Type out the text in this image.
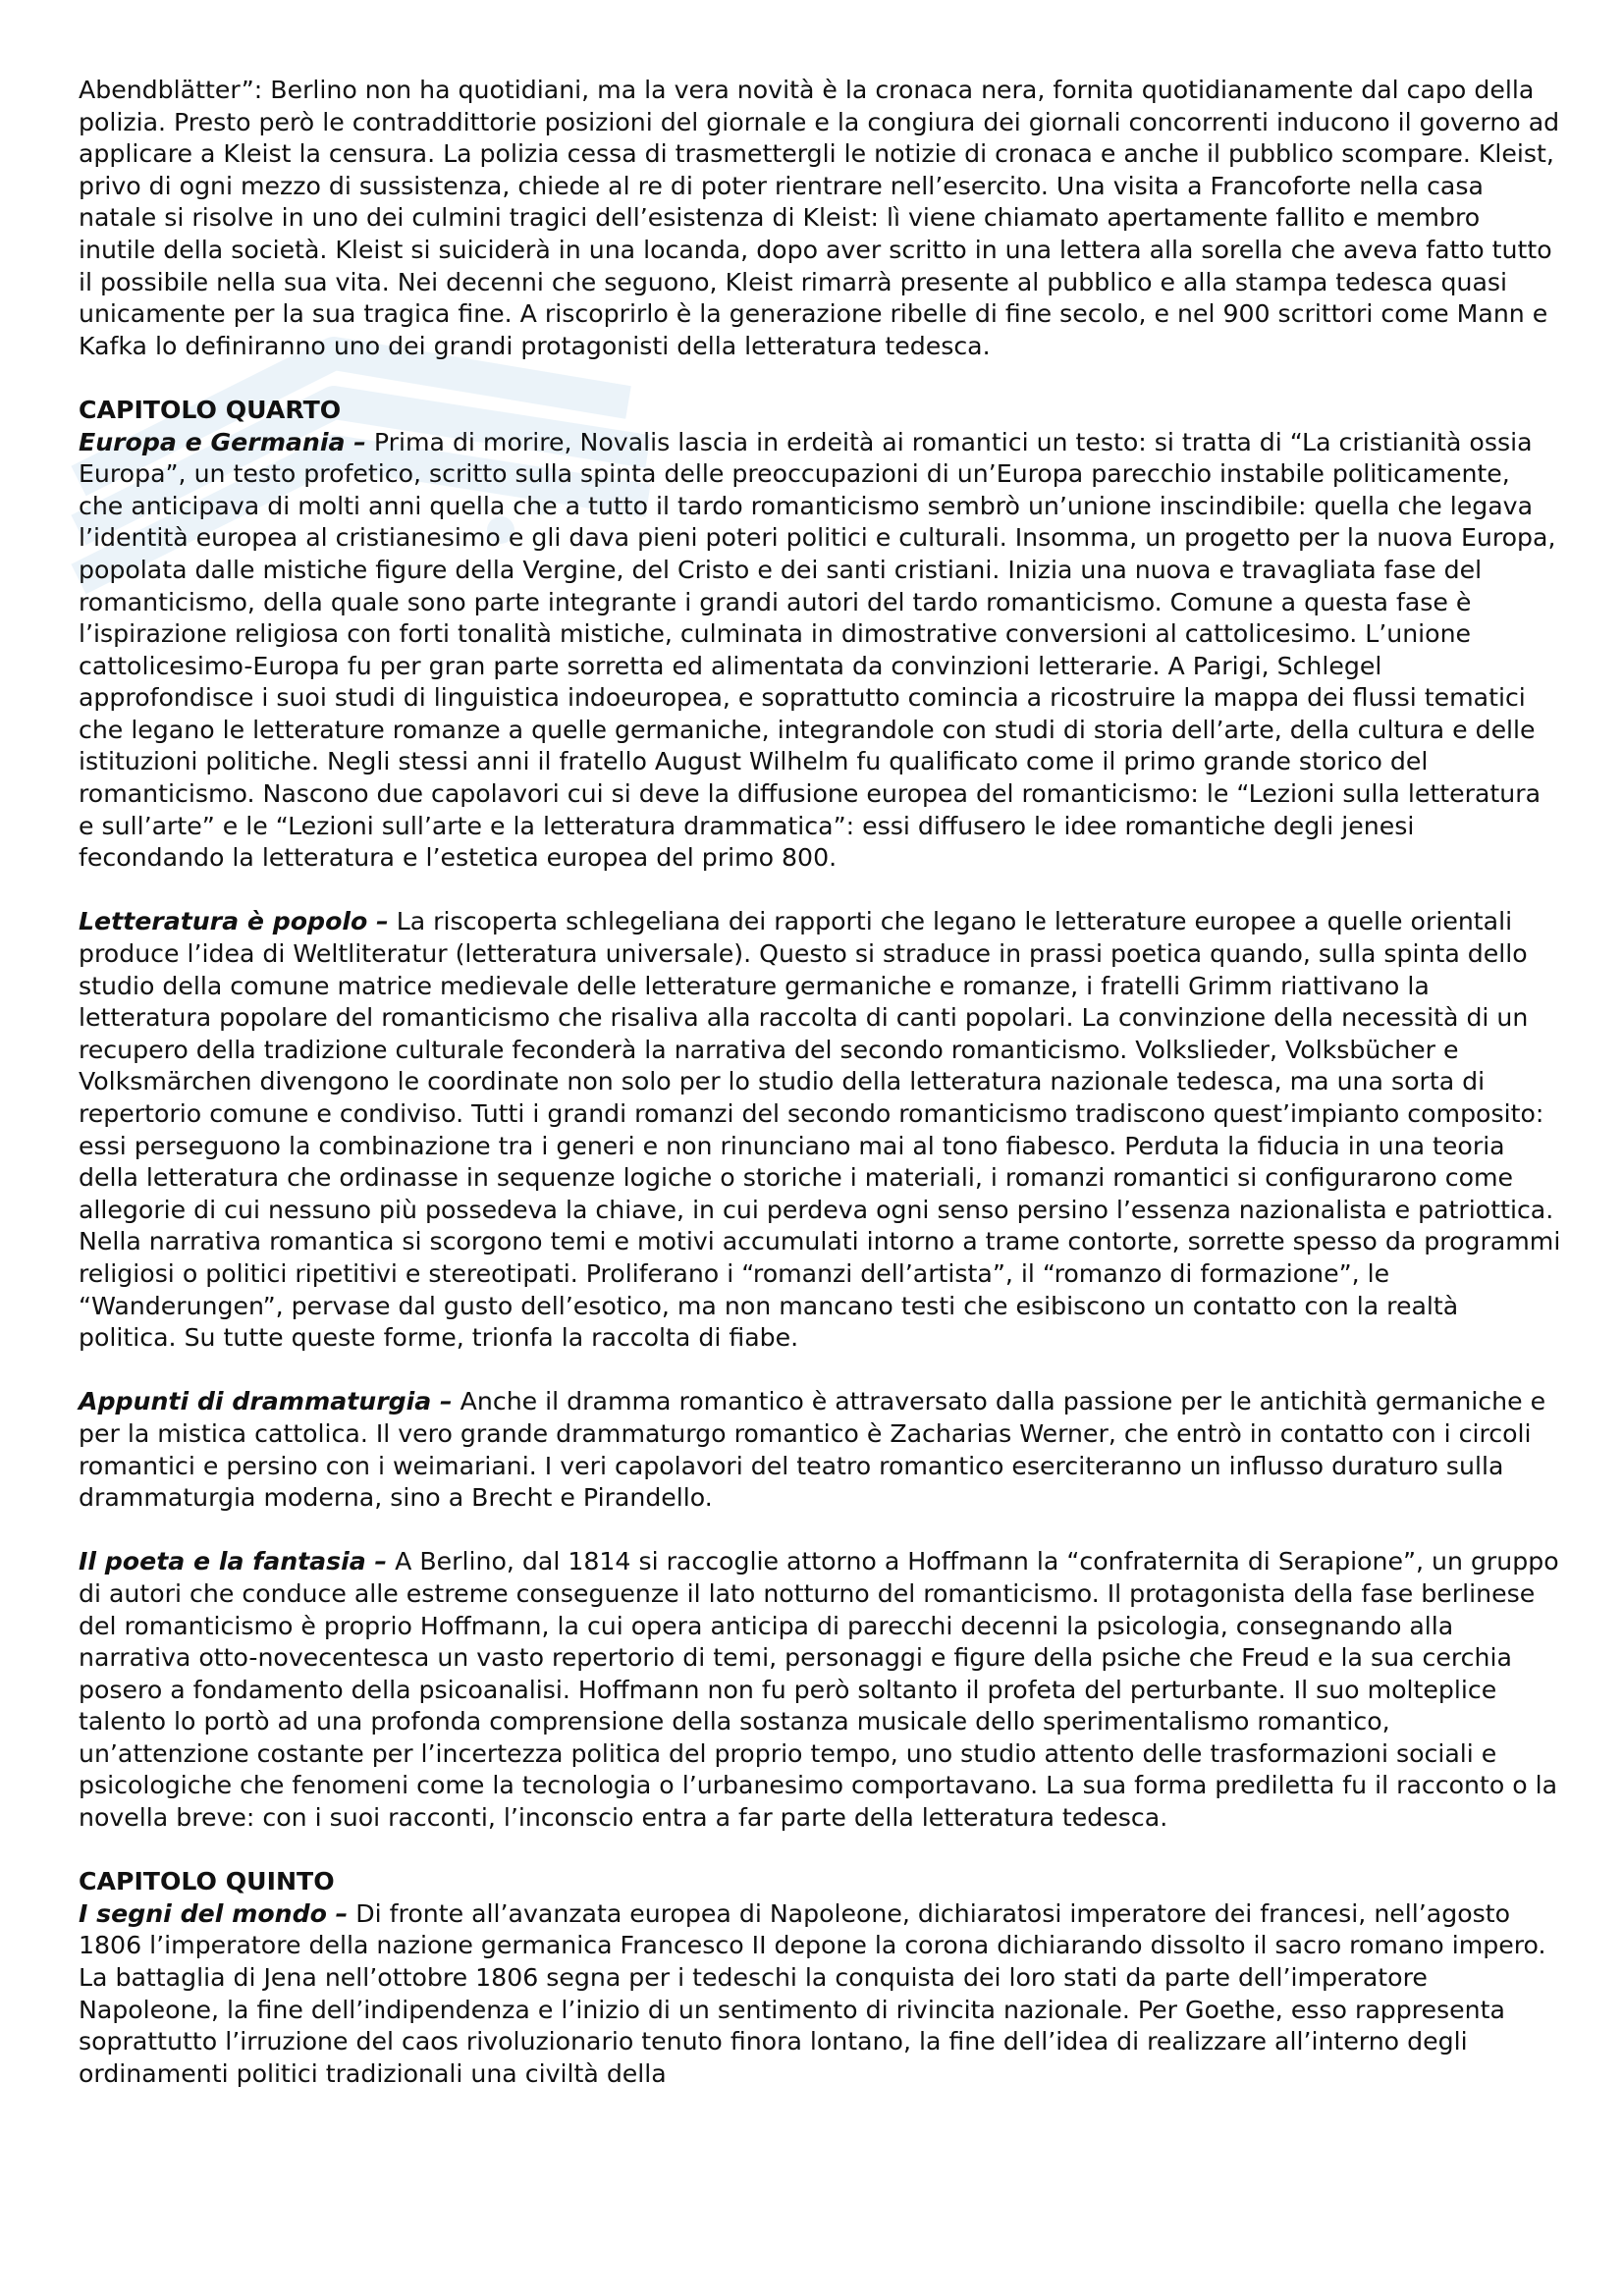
Abendblätter”: Berlino non ha quotidiani, ma la vera novità è la cronaca nera, fornita quotidianamente dal capo della polizia. Presto però le contraddittorie posizioni del giornale e la congiura dei giornali concorrenti inducono il governo ad applicare a Kleist la censura. La polizia cessa di trasmettergli le notizie di cronaca e anche il pubblico scompare. Kleist, privo di ogni mezzo di sussistenza, chiede al re di poter rientrare nell’esercito. Una visita a Francoforte nella casa natale si risolve in uno dei culmini tragici dell’esistenza di Kleist: lì viene chiamato apertamente fallito e membro inutile della società. Kleist si suiciderà in una locanda, dopo aver scritto in una lettera alla sorella che aveva fatto tutto il possibile nella sua vita. Nei decenni che seguono, Kleist rimarrà presente al pubblico e alla stampa tedesca quasi unicamente per la sua tragica fine. A riscoprirlo è la generazione ribelle di fine secolo, e nel 900 scrittori come Mann e Kafka lo definiranno uno dei grandi protagonisti della letteratura tedesca.

CAPITOLO QUARTO

Europa e Germania – Prima di morire, Novalis lascia in erdeità ai romantici un testo: si tratta di “La cristianità ossia Europa”, un testo profetico, scritto sulla spinta delle preoccupazioni di un’Europa parecchio instabile politicamente, che anticipava di molti anni quella che a tutto il tardo romanticismo sembrò un’unione inscindibile: quella che legava l’identità europea al cristianesimo e gli dava pieni poteri politici e culturali. Insomma, un progetto per la nuova Europa, popolata dalle mistiche figure della Vergine, del Cristo e dei santi cristiani. Inizia una nuova e travagliata fase del romanticismo, della quale sono parte integrante i grandi autori del tardo romanticismo. Comune a questa fase è l’ispirazione religiosa con forti tonalità mistiche, culminata in dimostrative conversioni al cattolicesimo. L’unione cattolicesimo-Europa fu per gran parte sorretta ed alimentata da convinzioni letterarie. A Parigi, Schlegel approfondisce i suoi studi di linguistica indoeuropea, e soprattutto comincia a ricostruire la mappa dei flussi tematici che legano le letterature romanze a quelle germaniche, integrandole con studi di storia dell’arte, della cultura e delle istituzioni politiche. Negli stessi anni il fratello August Wilhelm fu qualificato come il primo grande storico del romanticismo. Nascono due capolavori cui si deve la diffusione europea del romanticismo: le “Lezioni sulla letteratura e sull’arte” e le “Lezioni sull’arte e la letteratura drammatica”: essi diffusero le idee romantiche degli jenesi fecondando la letteratura e l’estetica europea del primo 800.

Letteratura è popolo – La riscoperta schlegeliana dei rapporti che legano le letterature europee a quelle orientali produce l’idea di Weltliteratur (letteratura universale). Questo si straduce in prassi poetica quando, sulla spinta dello studio della comune matrice medievale delle letterature germaniche e romanze, i fratelli Grimm riattivano la letteratura popolare del romanticismo che risaliva alla raccolta di canti popolari. La convinzione della necessità di un recupero della tradizione culturale feconderà la narrativa del secondo romanticismo. Volkslieder, Volksbücher e Volksmärchen divengono le coordinate non solo per lo studio della letteratura nazionale tedesca, ma una sorta di repertorio comune e condiviso. Tutti i grandi romanzi del secondo romanticismo tradiscono quest’impianto composito: essi perseguono la combinazione tra i generi e non rinunciano mai al tono fiabesco. Perduta la fiducia in una teoria della letteratura che ordinasse in sequenze logiche o storiche i materiali, i romanzi romantici si configurarono come allegorie di cui nessuno più possedeva la chiave, in cui perdeva ogni senso persino l’essenza nazionalista e patriottica. Nella narrativa romantica si scorgono temi e motivi accumulati intorno a trame contorte, sorrette spesso da programmi religiosi o politici ripetitivi e stereotipati. Proliferano i “romanzi dell’artista”, il “romanzo di formazione”, le “Wanderungen”, pervase dal gusto dell’esotico, ma non mancano testi che esibiscono un contatto con la realtà politica. Su tutte queste forme, trionfa la raccolta di fiabe.

Appunti di drammaturgia – Anche il dramma romantico è attraversato dalla passione per le antichità germaniche e per la mistica cattolica. Il vero grande drammaturgo romantico è Zacharias Werner, che entrò in contatto con i circoli romantici e persino con i weimariani. I veri capolavori del teatro romantico eserciteranno un influsso duraturo sulla drammaturgia moderna, sino a Brecht e Pirandello.

Il poeta e la fantasia – A Berlino, dal 1814 si raccoglie attorno a Hoffmann la “confraternita di Serapione”, un gruppo di autori che conduce alle estreme conseguenze il lato notturno del romanticismo. Il protagonista della fase berlinese del romanticismo è proprio Hoffmann, la cui opera anticipa di parecchi decenni la psicologia, consegnando alla narrativa otto-novecentesca un vasto repertorio di temi, personaggi e figure della psiche che Freud e la sua cerchia posero a fondamento della psicoanalisi. Hoffmann non fu però soltanto il profeta del perturbante. Il suo molteplice talento lo portò ad una profonda comprensione della sostanza musicale dello sperimentalismo romantico, un’attenzione costante per l’incertezza politica del proprio tempo, uno studio attento delle trasformazioni sociali e psicologiche che fenomeni come la tecnologia o l’urbanesimo comportavano. La sua forma prediletta fu il racconto o la novella breve: con i suoi racconti, l’inconscio entra a far parte della letteratura tedesca.

CAPITOLO QUINTO

I segni del mondo – Di fronte all’avanzata europea di Napoleone, dichiaratosi imperatore dei francesi, nell’agosto 1806 l’imperatore della nazione germanica Francesco II depone la corona dichiarando dissolto il sacro romano impero. La battaglia di Jena nell’ottobre 1806 segna per i tedeschi la conquista dei loro stati da parte dell’imperatore Napoleone, la fine dell’indipendenza e l’inizio di un sentimento di rivincita nazionale. Per Goethe, esso rappresenta soprattutto l’irruzione del caos rivoluzionario tenuto finora lontano, la fine dell’idea di realizzare all’interno degli ordinamenti politici tradizionali una civiltà della
